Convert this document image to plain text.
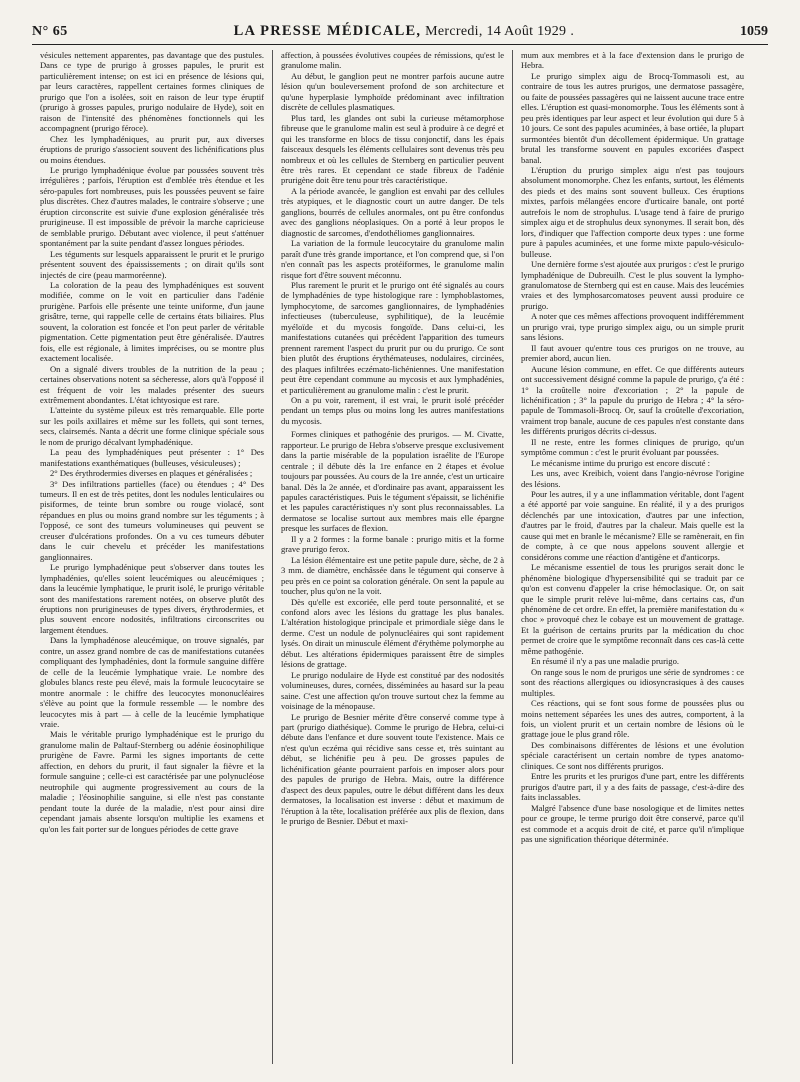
N° 65	LA PRESSE MÉDICALE, Mercredi, 14 Août 1929 .	1059

vésicules nettement apparentes, pas davantage que des pustules. Dans ce type de prurigo à grosses papules, le prurit est particulièrement intense; on est ici en présence de lésions qui, par leurs caractères, rappellent certaines formes cliniques de prurigo que l'on a isolées, soit en raison de leur type éruptif (prurigo à grosses papules, prurigo nodulaire de Hyde), soit en raison de l'intensité des phénomènes fonctionnels qui les accompagnent (prurigo féroce).

Chez les lymphadéniques, au prurit pur, aux diverses éruptions de prurigo s'associent souvent des lichénifications plus ou moins étendues.

Le prurigo lymphadénique évolue par poussées souvent très irrégulières ; parfois, l'éruption est d'emblée très étendue et les séro-papules fort nombreuses, puis les poussées peuvent se faire plus discrètes. Chez d'autres malades, le contraire s'observe ; une éruption circonscrite est suivie d'une explosion généralisée très prurigineuse. Il est impossible de prévoir la marche capricieuse de semblable prurigo. Débutant avec violence, il peut s'atténuer spontanément par la suite pendant d'assez longues périodes.

Les téguments sur lesquels apparaissent le prurit et le prurigo présentent souvent des épaississements ; on dirait qu'ils sont injectés de cire (peau marmoréenne).

La coloration de la peau des lymphadéniques est souvent modifiée, comme on le voit en particulier dans l'adénie prurigène. Parfois elle présente une teinte uniforme, d'un jaune grisâtre, terne, qui rappelle celle de certains états biliaires. Plus souvent, la coloration est foncée et l'on peut parler de véritable pigmentation. Cette pigmentation peut être généralisée. D'autres fois, elle est régionale, à limites imprécises, ou se montre plus exactement localisée.

On a signalé divers troubles de la nutrition de la peau ; certaines observations notent sa sécheresse, alors qu'à l'opposé il est fréquent de voir les malades présenter des sueurs extrêmement abondantes. L'état ichtyosique est rare.

L'atteinte du système pileux est très remarquable. Elle porte sur les poils axillaires et même sur les follets, qui sont ternes, secs, clairsemés. Nanta a décrit une forme clinique spéciale sous le nom de prurigo décalvant lymphadénique.

La peau des lymphadéniques peut présenter : 1° Des manifestations exanthématiques (bulleuses, vésiculeuses) ;

2° Des érythrodermies diverses en plaques et généralisées ;

3° Des infiltrations partielles (face) ou étendues ; 4° Des tumeurs. Il en est de très petites, dont les nodules lenticulaires ou pisiformes, de teinte brun sombre ou rouge violacé, sont répandues en plus ou moins grand nombre sur les téguments ; à l'opposé, ce sont des tumeurs volumineuses qui peuvent se creuser d'ulcérations profondes. On a vu ces tumeurs débuter dans le cuir chevelu et précéder les manifestations ganglionnaires.

Le prurigo lymphadénique peut s'observer dans toutes les lymphadénies, qu'elles soient leucémiques ou aleucémiques ; dans la leucémie lymphatique, le prurit isolé, le prurigo véritable sont des manifestations rarement notées, on observe plutôt des éruptions non prurigineuses de types divers, érythrodermies, et plus souvent encore nodosités, infiltrations circonscrites ou largement étendues.

Dans la lymphadénose aleucémique, on trouve signalés, par contre, un assez grand nombre de cas de manifestations cutanées compliquant des lymphadénies, dont la formule sanguine diffère de celle de la leucémie lymphatique vraie. Le nombre des globules blancs reste peu élevé, mais la formule leucocytaire se montre anormale : le chiffre des leucocytes mononucléaires s'élève au point que la formule ressemble — le nombre des leucocytes mis à part — à celle de la leucémie lymphatique vraie.

Mais le véritable prurigo lymphadénique est le prurigo du granulome malin de Paltauf-Sternberg ou adénie éosinophilique prurigène de Favre. Parmi les signes importants de cette affection, en dehors du prurit, il faut signaler la fièvre et la formule sanguine ; celle-ci est caractérisée par une polynucléose neutrophile qui augmente progressivement au cours de la maladie ; l'éosinophilie sanguine, si elle n'est pas constante pendant toute la durée de la maladie, n'est pour ainsi dire cependant jamais absente lorsqu'on multiplie les examens et qu'on les fait porter sur de longues périodes de cette grave

affection, à poussées évolutives coupées de rémissions, qu'est le granulome malin.

Au début, le ganglion peut ne montrer parfois aucune autre lésion qu'un bouleversement profond de son architecture et qu'une hyperplasie lymphoïde prédominant avec infiltration discrète de cellules plasmatiques.

Plus tard, les glandes ont subi la curieuse métamorphose fibreuse que le granulome malin est seul à produire à ce degré et qui les transforme en blocs de tissu conjonctif, dans les épais faisceaux desquels les éléments cellulaires sont devenus très peu nombreux et où les cellules de Sternberg en particulier peuvent être très rares. Et cependant ce stade fibreux de l'adénie prurigène doit être tenu pour très caractéristique.

A la période avancée, le ganglion est envahi par des cellules très atypiques, et le diagnostic court un autre danger. De tels ganglions, bourrés de cellules anormales, ont pu être confondus avec des ganglions néoplasiques. On a porté à leur propos le diagnostic de sarcomes, d'endothéliomes ganglionnaires.

La variation de la formule leucocytaire du granulome malin paraît d'une très grande importance, et l'on comprend que, si l'on n'en connaît pas les aspects protéiformes, le granulome malin risque fort d'être souvent méconnu.

Plus rarement le prurit et le prurigo ont été signalés au cours de lymphadénies de type histologique rare : lymphoblastomes, lymphocytome, de sarcomes ganglionnaires, de lymphadénies infectieuses (tuberculeuse, syphilitique), de la leucémie myéloïde et du mycosis fongoïde. Dans celui-ci, les manifestations cutanées qui précèdent l'apparition des tumeurs prennent rarement l'aspect du prurit pur ou du prurigo. Ce sont bien plutôt des éruptions érythémateuses, nodulaires, circinées, des plaques infiltrées eczémato-lichéniennes. Une manifestation peut être cependant commune au mycosis et aux lymphadénies, et particulièrement au granulome malin : c'est le prurit.

On a pu voir, rarement, il est vrai, le prurit isolé précéder pendant un temps plus ou moins long les autres manifestations du mycosis.

Formes cliniques et pathogénie des prurigos. — M. Civatte, rapporteur. Le prurigo de Hebra s'observe presque exclusivement dans la partie misérable de la population israélite de l'Europe centrale ; il débute dès la 1re enfance en 2 étapes et évolue toujours par poussées. Au cours de la 1re année, c'est un urticaire banal. Dès la 2e année, et d'ordinaire pas avant, apparaissent les papules caractéristiques. Puis le tégument s'épaissit, se lichénifie et les papules caractéristiques n'y sont plus reconnaissables. La dermatose se localise surtout aux membres mais elle épargne presque les surfaces de flexion.

Il y a 2 formes : la forme banale : prurigo mitis et la forme grave prurigo ferox.

La lésion élémentaire est une petite papule dure, sèche, de 2 à 3 mm. de diamètre, enchâssée dans le tégument qui conserve à peu près en ce point sa coloration générale. On sent la papule au toucher, plus qu'on ne la voit.

Dès qu'elle est excoriée, elle perd toute personnalité, et se confond alors avec les lésions du grattage les plus banales. L'altération histologique principale et primordiale siège dans le derme. C'est un nodule de polynucléaires qui sont rapidement lysés. On dirait un minuscule élément d'érythème polymorphe au début. Les altérations épidermiques paraissent être de simples lésions de grattage.

Le prurigo nodulaire de Hyde est constitué par des nodosités volumineuses, dures, cornées, disséminées au hasard sur la peau saine. C'est une affection qu'on trouve surtout chez la femme au voisinage de la ménopause.

Le prurigo de Besnier mérite d'être conservé comme type à part (prurigo diathésique). Comme le prurigo de Hebra, celui-ci débute dans l'enfance et dure souvent toute l'existence. Mais ce n'est qu'un eczéma qui récidive sans cesse et, très suintant au début, se lichénifie peu à peu. De grosses papules de lichénification géante pourraient parfois en imposer alors pour des papules de prurigo de Hebra. Mais, outre la différence d'aspect des deux papules, outre le début différent dans les deux dermatoses, la localisation est inverse : début et maximum de l'éruption à la tête, localisation préférée aux plis de flexion, dans le prurigo de Besnier. Début et maxi-

mum aux membres et à la face d'extension dans le prurigo de Hebra.

Le prurigo simplex aigu de Brocq-Tommasoli est, au contraire de tous les autres prurigos, une dermatose passagère, ou faite de poussées passagères qui ne laissent aucune trace entre elles. L'éruption est quasi-monomorphe. Tous les éléments sont à peu près identiques par leur aspect et leur évolution qui dure 5 à 10 jours. Ce sont des papules acuminées, à base ortiée, la plupart surmontées bientôt d'un décollement épidermique. Un grattage brutal les transforme souvent en papules excoriées d'aspect banal.

L'éruption du prurigo simplex aigu n'est pas toujours absolument monomorphe. Chez les enfants, surtout, les éléments des pieds et des mains sont souvent bulleux. Ces éruptions mixtes, parfois mélangées encore d'urticaire banale, ont porté autrefois le nom de strophulus. L'usage tend à faire de prurigo simplex aigu et de strophulus deux synonymes. Il serait bon, dès lors, d'indiquer que l'affection comporte deux types : une forme pure à papules acuminées, et une forme mixte papulo-vésiculo-bulleuse.

Une dernière forme s'est ajoutée aux prurigos : c'est le prurigo lymphadénique de Dubreuilh. C'est le plus souvent la lympho-granulomatose de Sternberg qui est en cause. Mais des leucémies vraies et des lymphosarcomatoses peuvent aussi produire ce prurigo.

A noter que ces mêmes affections provoquent indifféremment un prurigo vrai, type prurigo simplex aigu, ou un simple prurit sans lésions.

Il faut avouer qu'entre tous ces prurigos on ne trouve, au premier abord, aucun lien.

Aucune lésion commune, en effet. Ce que différents auteurs ont successivement désigné comme la papule de prurigo, ç'a été : 1° la croûtelle noire d'excoriation ; 2° la papule de lichénification ; 3° la papule du prurigo de Hebra ; 4° la séro-papule de Tommasoli-Brocq. Or, sauf la croûtelle d'excoriation, vraiment trop banale, aucune de ces papules n'est constante dans les différents prurigos décrits ci-dessus.

Il ne reste, entre les formes cliniques de prurigo, qu'un symptôme commun : c'est le prurit évoluant par poussées.

Le mécanisme intime du prurigo est encore discuté :

Les uns, avec Kreibich, voient dans l'angio-névrose l'origine des lésions.

Pour les autres, il y a une inflammation véritable, dont l'agent a été apporté par voie sanguine. En réalité, il y a des prurigos déclenchés par une intoxication, d'autres par une infection, d'autres par le froid, d'autres par la chaleur. Mais quelle est la cause qui met en branle le mécanisme? Elle se ramènerait, en fin de compte, à ce que nous appelons souvent allergie et considérons comme une réaction d'antigène et d'anticorps.

Le mécanisme essentiel de tous les prurigos serait donc le phénomène biologique d'hypersensibilité qui se traduit par ce qu'on est convenu d'appeler la crise hémoclasique. Or, on sait que le simple prurit relève lui-même, dans certains cas, d'un phénomène de cet ordre. En effet, la première manifestation du « choc » provoqué chez le cobaye est un mouvement de grattage. Et la guérison de certains prurits par la médication du choc permet de croire que le symptôme reconnaît dans ces cas-là cette même pathogénie.

En résumé il n'y a pas une maladie prurigo.

On range sous le nom de prurigos une série de syndromes : ce sont des réactions allergiques ou idiosyncrasiques à des causes multiples.

Ces réactions, qui se font sous forme de poussées plus ou moins nettement séparées les unes des autres, comportent, à la fois, un violent prurit et un certain nombre de lésions où le grattage joue le plus grand rôle.

Des combinaisons différentes de lésions et une évolution spéciale caractérisent un certain nombre de types anatomo-cliniques. Ce sont nos différents prurigos.

Entre les prurits et les prurigos d'une part, entre les différents prurigos d'autre part, il y a des faits de passage, c'est-à-dire des faits inclassables.

Malgré l'absence d'une base nosologique et de limites nettes pour ce groupe, le terme prurigo doit être conservé, parce qu'il est commode et a acquis droit de cité, et parce qu'il n'implique pas une signification théorique déterminée.
